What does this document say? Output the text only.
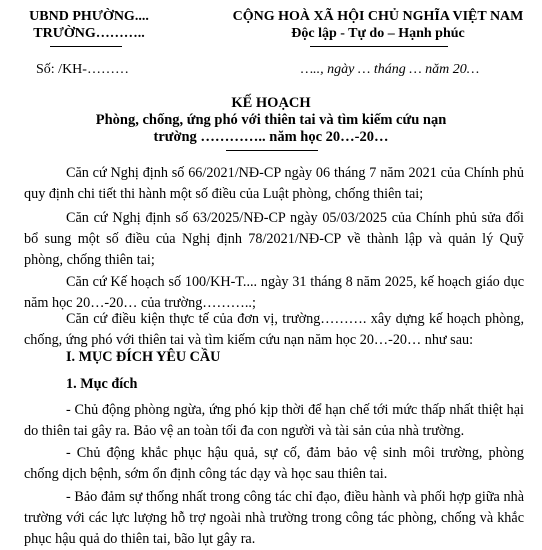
UBND PHƯỜNG....
TRƯỜNG………..
Số: /KH-………
CỘNG HOÀ XÃ HỘI CHỦ NGHĨA VIỆT NAM
Độc lập - Tự do – Hạnh phúc
….., ngày … tháng … năm 20…
KẾ HOẠCH
Phòng, chống, ứng phó với thiên tai và tìm kiếm cứu nạn
trường ………….. năm học 20…-20…
Căn cứ Nghị định số 66/2021/NĐ-CP ngày 06 tháng 7 năm 2021 của Chính phủ quy định chi tiết thi hành một số điều của Luật phòng, chống thiên tai;
Căn cứ Nghị định số 63/2025/NĐ-CP ngày 05/03/2025 của Chính phủ sửa đổi bổ sung một số điều của Nghị định 78/2021/NĐ-CP về thành lập và quản lý Quỹ phòng, chống thiên tai;
Căn cứ Kế hoạch số 100/KH-T.... ngày 31 tháng 8 năm 2025, kế hoạch giáo dục năm học 20…-20… của trường………..;
Căn cứ điều kiện thực tế của đơn vị, trường………. xây dựng kế hoạch phòng, chống, ứng phó với thiên tai và tìm kiếm cứu nạn năm học 20…-20… như sau:
I. MỤC ĐÍCH YÊU CẦU
1. Mục đích
- Chủ động phòng ngừa, ứng phó kịp thời để hạn chế tới mức thấp nhất thiệt hại do thiên tai gây ra. Bảo vệ an toàn tối đa con người và tài sản của nhà trường.
- Chủ động khắc phục hậu quả, sự cố, đảm bảo vệ sinh môi trường, phòng chống dịch bệnh, sớm ổn định công tác dạy và học sau thiên tai.
- Bảo đảm sự thống nhất trong công tác chỉ đạo, điều hành và phối hợp giữa nhà trường với các lực lượng hỗ trợ ngoài nhà trường trong công tác phòng, chống và khắc phục hậu quả do thiên tai, bão lụt gây ra.
